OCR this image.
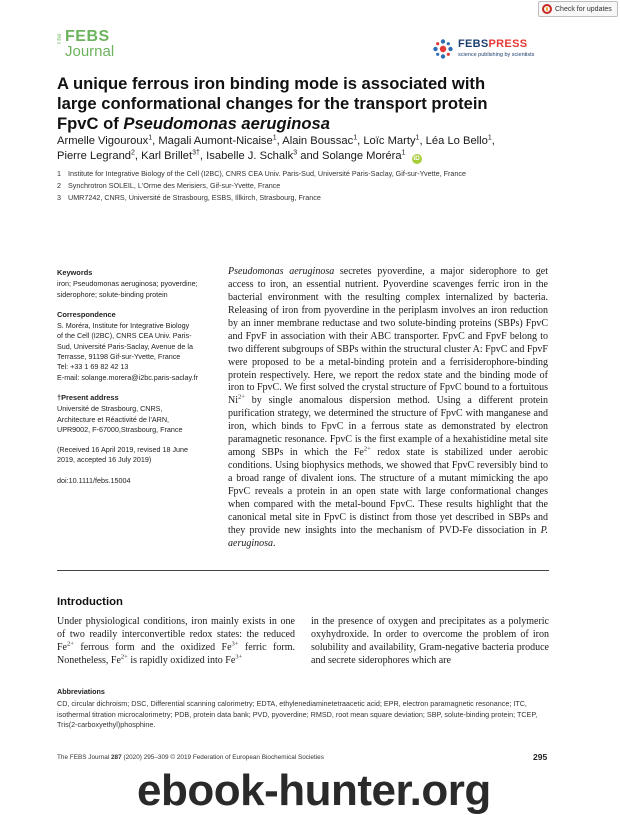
Check for updates
The FEBS
Journal	FEBSPRESS
science publishing by scientists
A unique ferrous iron binding mode is associated with
large conformational changes for the transport protein
FpvC of Pseudomonas aeruginosa
Armelle Vigouroux$^1$, Magali Aumont-Nicaise$^1$, Alain Boussac$^1$, Loïc Marty$^1$, Léa Lo Bello$^1$,
Pierre Legrand$^2$, Karl Brillet$^{3\dagger}$, Isabelle J. Schalk$^3$ and Solange Moréra$^1$ iD
1 Institute for Integrative Biology of the Cell (I2BC), CNRS CEA Univ. Paris-Sud, Université Paris-Saclay, Gif-sur-Yvette, France
2 Synchrotron SOLEIL, L'Orme des Merisiers, Gif-sur-Yvette, France
3 UMR7242, CNRS, Université de Strasbourg, ESBS, Illkirch, Strasbourg, France
Keywords
iron; Pseudomonas aeruginosa; pyoverdine; siderophore; solute-binding protein
Correspondence
S. Moréra, Institute for Integrative Biology
of the Cell (I2BC), CNRS CEA Univ. Paris-
Sud, Université Paris-Saclay, Avenue de la
Terrasse, 91198 Gif-sur-Yvette, France
Tel: +33 1 69 82 42 13
E-mail: solange.morera@i2bc.paris-saclay.fr
†Present address
Université de Strasbourg, CNRS,
Architecture et Réactivité de l'ARN,
UPR9002, F-67000,Strasbourg, France
(Received 16 April 2019, revised 18 June
2019, accepted 16 July 2019)
doi:10.1111/febs.15004
Pseudomonas aeruginosa secretes pyoverdine, a major siderophore to get access to iron, an essential nutrient. Pyoverdine scavenges ferric iron in the bacterial environment with the resulting complex internalized by bacteria. Releasing of iron from pyoverdine in the periplasm involves an iron reduction by an inner membrane reductase and two solute-binding proteins (SBPs) FpvC and FpvF in association with their ABC transporter. FpvC and FpvF belong to two different subgroups of SBPs within the structural cluster A: FpvC and FpvF were proposed to be a metal-binding protein and a ferrisiderophore-binding protein respectively. Here, we report the redox state and the binding mode of iron to FpvC. We first solved the crystal structure of FpvC bound to a fortuitous $Ni^{2+}$ by single anomalous dispersion method. Using a different protein purification strategy, we determined the structure of FpvC with manganese and iron, which binds to FpvC in a ferrous state as demonstrated by electron paramagnetic resonance. FpvC is the first example of a hexahistidine metal site among SBPs in which the $Fe^{2+}$ redox state is stabilized under aerobic conditions. Using biophysics methods, we showed that FpvC reversibly bind to a broad range of divalent ions. The structure of a mutant mimicking the apo FpvC reveals a protein in an open state with large conformational changes when compared with the metal-bound FpvC. These results highlight that the canonical metal site in FpvC is distinct from those yet described in SBPs and they provide new insights into the mechanism of PVD-Fe dissociation in P. aeruginosa.
Introduction
Under physiological conditions, iron mainly exists in one of two readily interconvertible redox states: the reduced $Fe^{2+}$ ferrous form and the oxidized $Fe^{3+}$ ferric form. Nonetheless, $Fe^{2+}$ is rapidly oxidized into $Fe^{3+}$
in the presence of oxygen and precipitates as a polymeric oxyhydroxide. In order to overcome the problem of iron solubility and availability, Gram-negative bacteria produce and secrete siderophores which are
Abbreviations
CD, circular dichroism; DSC, Differential scanning calorimetry; EDTA, ethylenediaminetetraacetic acid; EPR, electron paramagnetic resonance; ITC, isothermal titration microcalorimetry; PDB, protein data bank; PVD, pyoverdine; RMSD, root mean square deviation; SBP, solute-binding protein; TCEP, Tris(2-carboxyethyl)phosphine.
The FEBS Journal 287 (2020) 295–309 © 2019 Federation of European Biochemical Societies	295
ebook-hunter.org
